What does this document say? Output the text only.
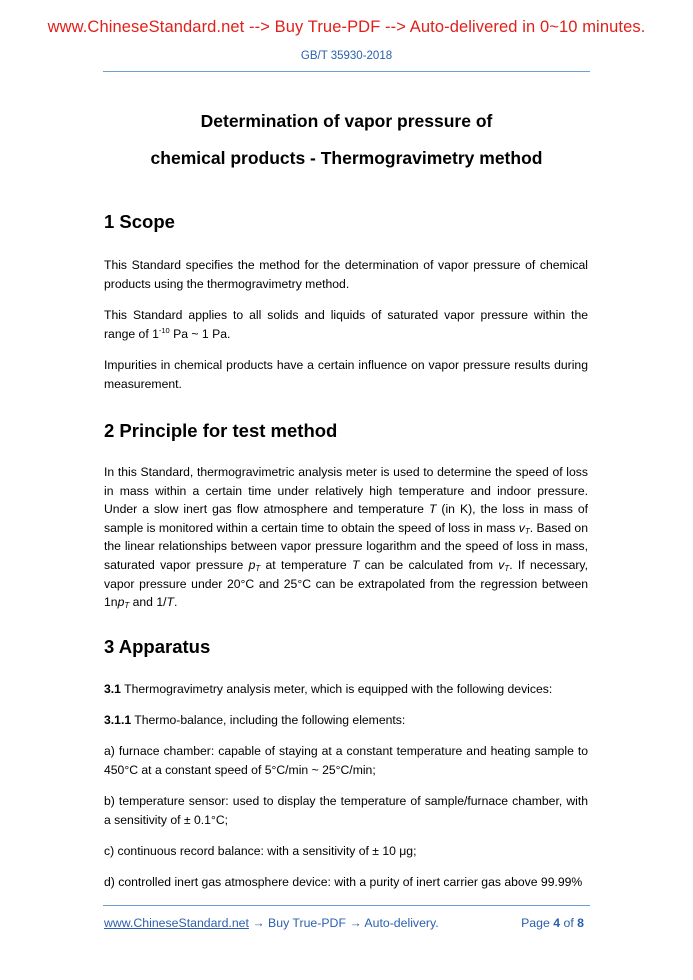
www.ChineseStandard.net --> Buy True-PDF --> Auto-delivered in 0~10 minutes.
GB/T 35930-2018
Determination of vapor pressure of
chemical products - Thermogravimetry method
1 Scope
This Standard specifies the method for the determination of vapor pressure of chemical products using the thermogravimetry method.
This Standard applies to all solids and liquids of saturated vapor pressure within the range of $1^{-10}$ Pa ~ 1 Pa.
Impurities in chemical products have a certain influence on vapor pressure results during measurement.
2 Principle for test method
In this Standard, thermogravimetric analysis meter is used to determine the speed of loss in mass within a certain time under relatively high temperature and indoor pressure. Under a slow inert gas flow atmosphere and temperature T (in K), the loss in mass of sample is monitored within a certain time to obtain the speed of loss in mass $v_T$. Based on the linear relationships between vapor pressure logarithm and the speed of loss in mass, saturated vapor pressure $p_T$ at temperature T can be calculated from $v_T$. If necessary, vapor pressure under 20°C and 25°C can be extrapolated from the regression between $1np_T$ and 1/T.
3 Apparatus
3.1 Thermogravimetry analysis meter, which is equipped with the following devices:
3.1.1 Thermo-balance, including the following elements:
a) furnace chamber: capable of staying at a constant temperature and heating sample to 450°C at a constant speed of 5°C/min ~ 25°C/min;
b) temperature sensor: used to display the temperature of sample/furnace chamber, with a sensitivity of ± 0.1°C;
c) continuous record balance: with a sensitivity of ± 10 μg;
d) controlled inert gas atmosphere device: with a purity of inert carrier gas above 99.99%
www.ChineseStandard.net → Buy True-PDF → Auto-delivery.	Page 4 of 8
